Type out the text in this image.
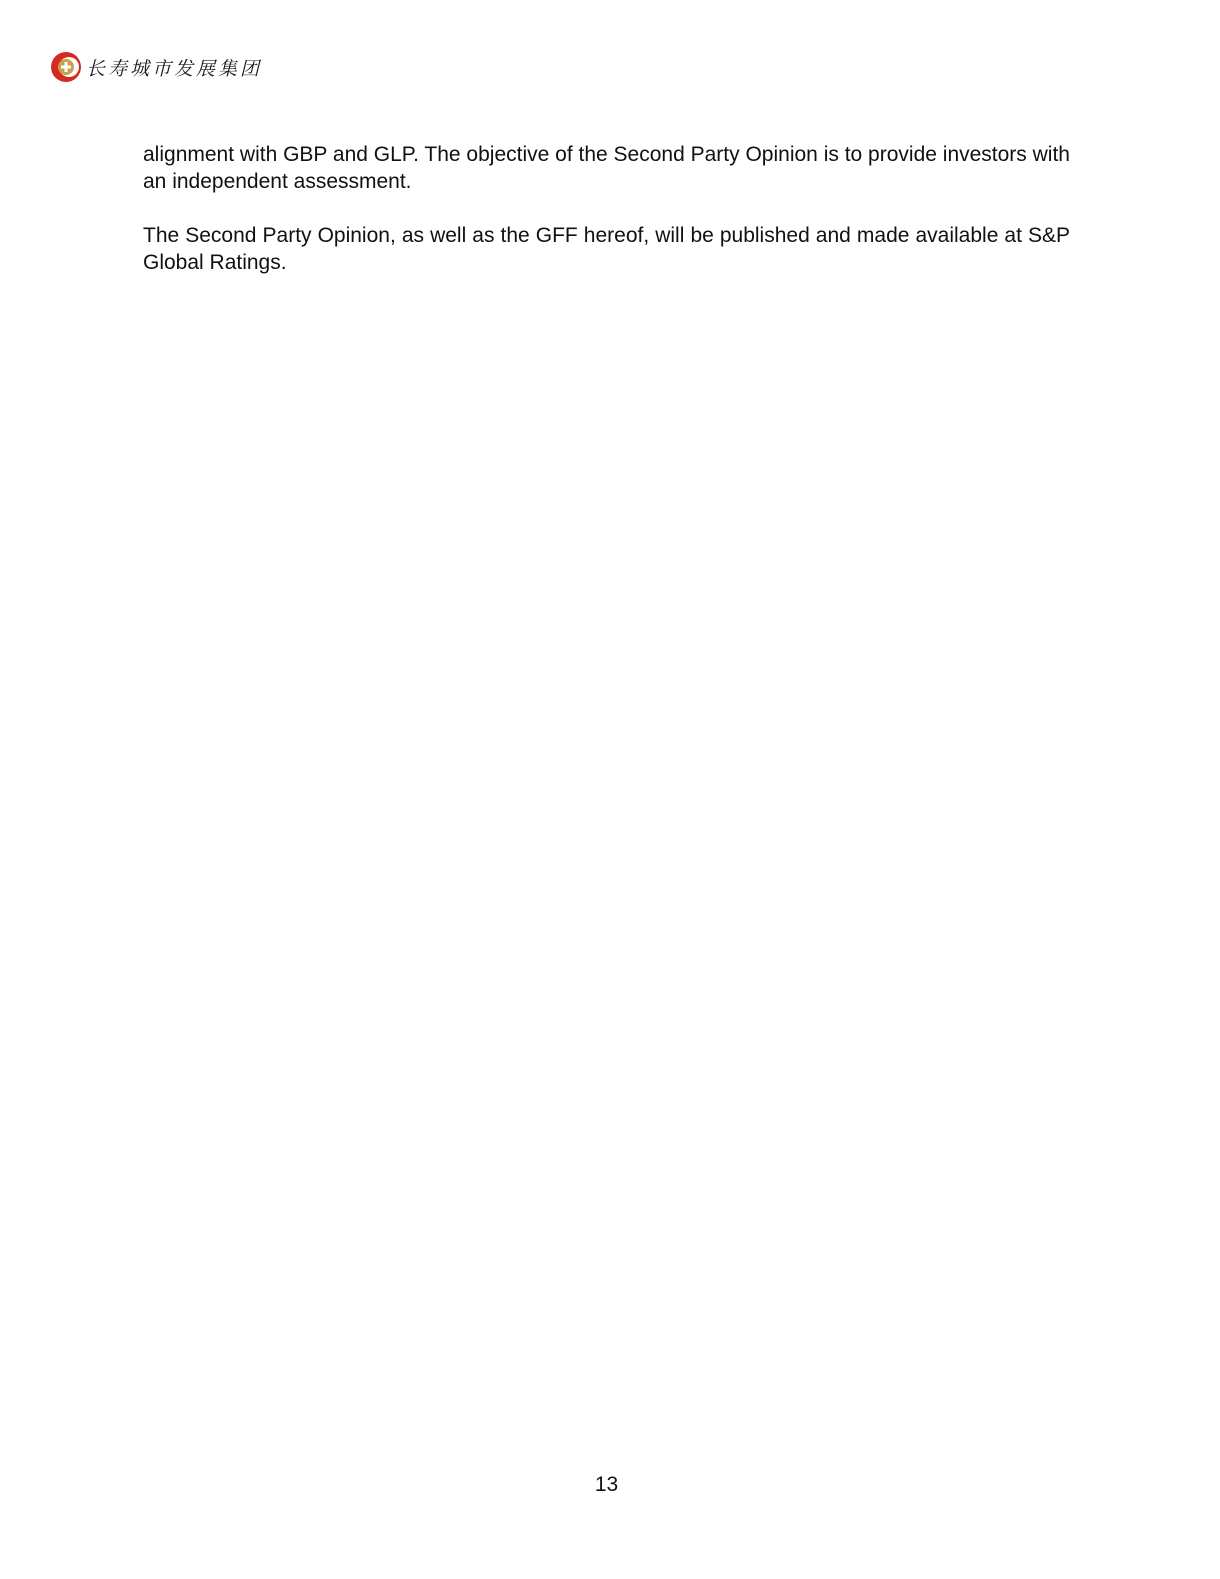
长寿城市发展集团

alignment with GBP and GLP. The objective of the Second Party Opinion is to provide investors with an independent assessment.

The Second Party Opinion, as well as the GFF hereof, will be published and made available at S&P Global Ratings.

13
